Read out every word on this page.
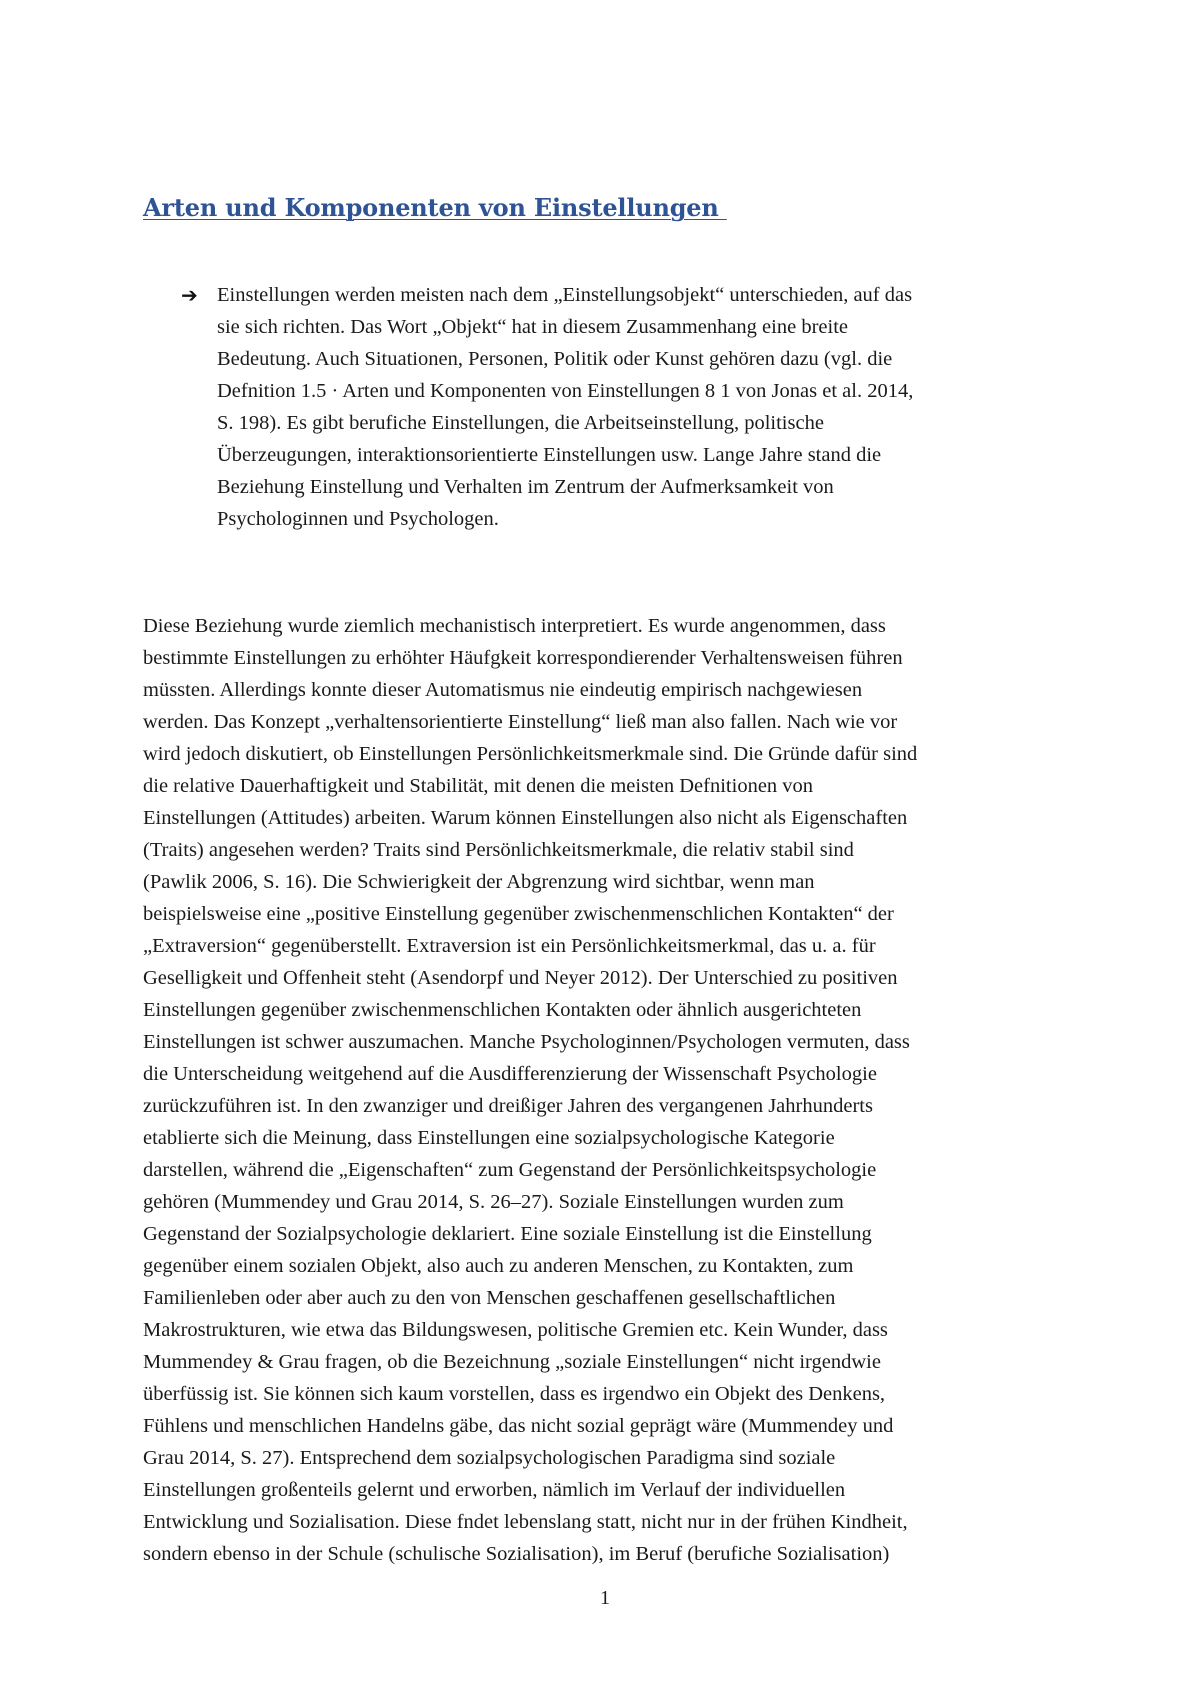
Arten und Komponenten von Einstellungen
➔ Einstellungen werden meisten nach dem „Einstellungsobjekt“ unterschieden, auf das
sie sich richten. Das Wort „Objekt“ hat in diesem Zusammenhang eine breite
Bedeutung. Auch Situationen, Personen, Politik oder Kunst gehören dazu (vgl. die
Defnition 1.5 · Arten und Komponenten von Einstellungen 8 1 von Jonas et al. 2014,
S. 198). Es gibt berufiche Einstellungen, die Arbeitseinstellung, politische
Überzeugungen, interaktionsorientierte Einstellungen usw. Lange Jahre stand die
Beziehung Einstellung und Verhalten im Zentrum der Aufmerksamkeit von
Psychologinnen und Psychologen.
Diese Beziehung wurde ziemlich mechanistisch interpretiert. Es wurde angenommen, dass
bestimmte Einstellungen zu erhöhter Häufgkeit korrespondierender Verhaltensweisen führen
müssten. Allerdings konnte dieser Automatismus nie eindeutig empirisch nachgewiesen
werden. Das Konzept „verhaltensorientierte Einstellung“ ließ man also fallen. Nach wie vor
wird jedoch diskutiert, ob Einstellungen Persönlichkeitsmerkmale sind. Die Gründe dafür sind
die relative Dauerhaftigkeit und Stabilität, mit denen die meisten Defnitionen von
Einstellungen (Attitudes) arbeiten. Warum können Einstellungen also nicht als Eigenschaften
(Traits) angesehen werden? Traits sind Persönlichkeitsmerkmale, die relativ stabil sind
(Pawlik 2006, S. 16). Die Schwierigkeit der Abgrenzung wird sichtbar, wenn man
beispielsweise eine „positive Einstellung gegenüber zwischenmenschlichen Kontakten“ der
„Extraversion“ gegenüberstellt. Extraversion ist ein Persönlichkeitsmerkmal, das u. a. für
Geselligkeit und Offenheit steht (Asendorpf und Neyer 2012). Der Unterschied zu positiven
Einstellungen gegenüber zwischenmenschlichen Kontakten oder ähnlich ausgerichteten
Einstellungen ist schwer auszumachen. Manche Psychologinnen/Psychologen vermuten, dass
die Unterscheidung weitgehend auf die Ausdifferenzierung der Wissenschaft Psychologie
zurückzuführen ist. In den zwanziger und dreißiger Jahren des vergangenen Jahrhunderts
etablierte sich die Meinung, dass Einstellungen eine sozialpsychologische Kategorie
darstellen, während die „Eigenschaften“ zum Gegenstand der Persönlichkeitspsychologie
gehören (Mummendey und Grau 2014, S. 26–27). Soziale Einstellungen wurden zum
Gegenstand der Sozialpsychologie deklariert. Eine soziale Einstellung ist die Einstellung
gegenüber einem sozialen Objekt, also auch zu anderen Menschen, zu Kontakten, zum
Familienleben oder aber auch zu den von Menschen geschaffenen gesellschaftlichen
Makrostrukturen, wie etwa das Bildungswesen, politische Gremien etc. Kein Wunder, dass
Mummendey & Grau fragen, ob die Bezeichnung „soziale Einstellungen“ nicht irgendwie
überfüssig ist. Sie können sich kaum vorstellen, dass es irgendwo ein Objekt des Denkens,
Fühlens und menschlichen Handelns gäbe, das nicht sozial geprägt wäre (Mummendey und
Grau 2014, S. 27). Entsprechend dem sozialpsychologischen Paradigma sind soziale
Einstellungen großenteils gelernt und erworben, nämlich im Verlauf der individuellen
Entwicklung und Sozialisation. Diese fndet lebenslang statt, nicht nur in der frühen Kindheit,
sondern ebenso in der Schule (schulische Sozialisation), im Beruf (berufiche Sozialisation)
1
